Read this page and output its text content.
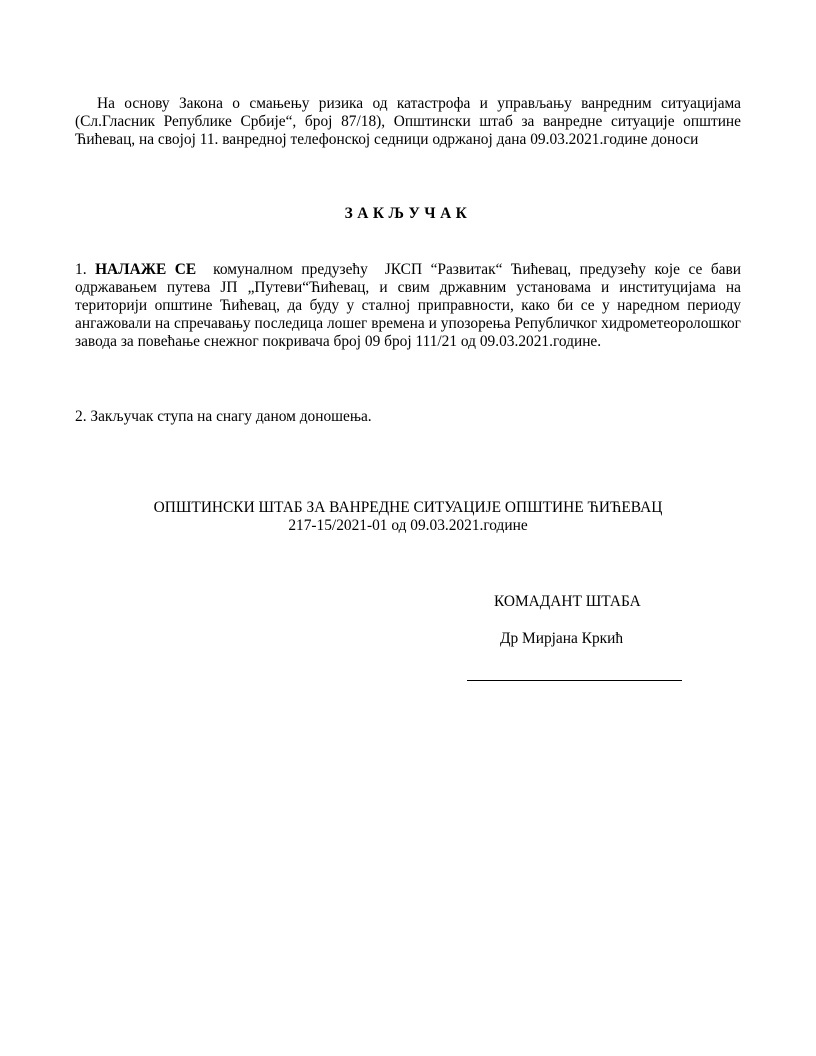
На основу Закона о смањењу ризика од катастрофа и управљању ванредним ситуацијама (Сл.Гласник Републике Србије“, број 87/18), Општински штаб за ванредне ситуације општине Ћићевац, на својој 11. ванредној телефонској седници одржаној дана 09.03.2021.године доноси

ЗАКЉУЧАК

1. НАЛАЖЕ СЕ  комуналном предузећу  ЈКСП “Развитак“ Ћићевац, предузећу које се бави одржавањем путева ЈП „Путеви“Ћићевац, и свим државним установама и институцијама на територији општине Ћићевац, да буду у сталној приправности, како би се у наредном периоду ангажовали на спречавању последица лошег времена и упозорења Републичког хидрометеоролошког завода за повећање снежног покривача број 09 број 111/21 од 09.03.2021.године.

2. Закључак ступа на снагу даном доношења.

ОПШТИНСКИ ШТАБ ЗА ВАНРЕДНЕ СИТУАЦИЈЕ ОПШТИНЕ ЋИЋЕВАЦ

217-15/2021-01 од 09.03.2021.године

КОМАДАНТ ШТАБА

Др Мирјана Кркић
